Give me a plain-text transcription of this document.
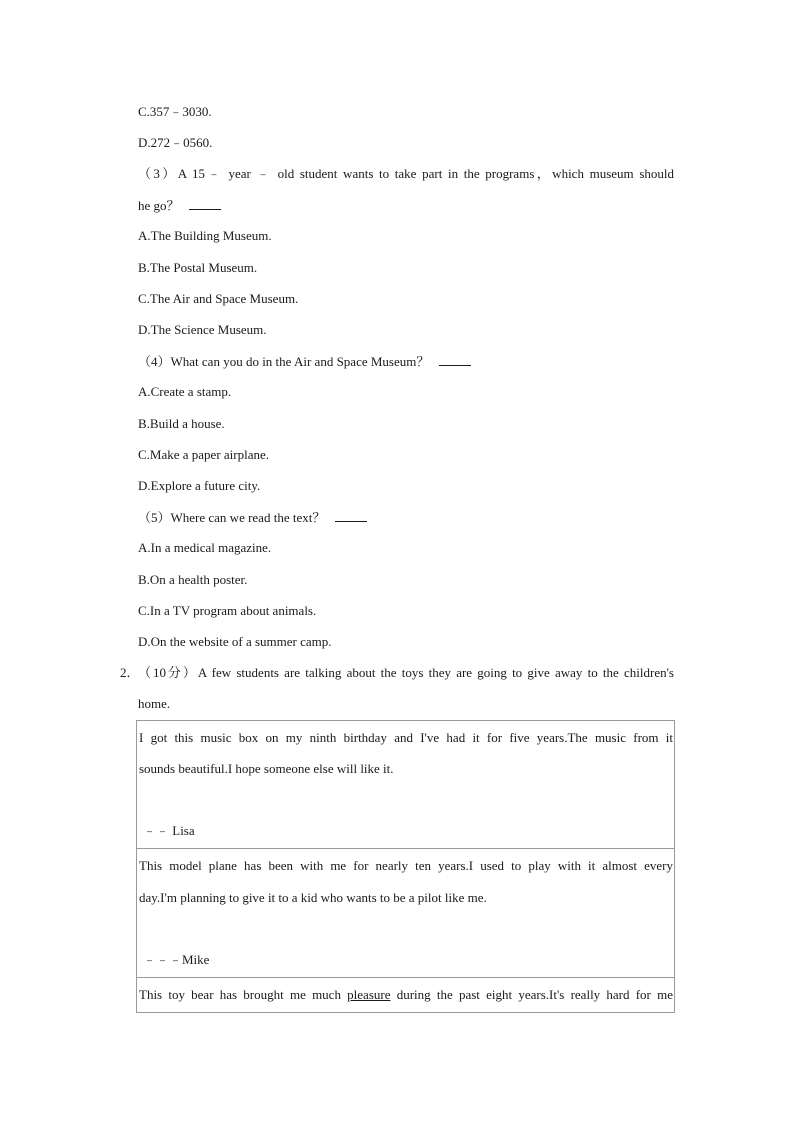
C.357﹣3030.
D.272﹣0560.
（3）A 15﹣ year ﹣ old student wants to take part in the programs，which museum should
he go？
A.The Building Museum.
B.The Postal Museum.
C.The Air and Space Museum.
D.The Science Museum.
（4）What can you do in the Air and Space Museum？
A.Create a stamp.
B.Build a house.
C.Make a paper airplane.
D.Explore a future city.
（5）Where can we read the text？
A.In a medical magazine.
B.On a health poster.
C.In a TV program about animals.
D.On the website of a summer camp.
2．
（10分）A few students are talking about the toys they are going to give away to the children's
home.
I got this music box on my ninth birthday and I've had it for five years.The music from it
sounds beautiful.I hope someone else will like it.
﹣﹣ Lisa
This model plane has been with me for nearly ten years.I used to play with it almost every
day.I'm planning to give it to a kid who wants to be a pilot like me.
﹣﹣﹣Mike
This toy bear has brought me much pleasure during the past eight years.It's really hard for me
